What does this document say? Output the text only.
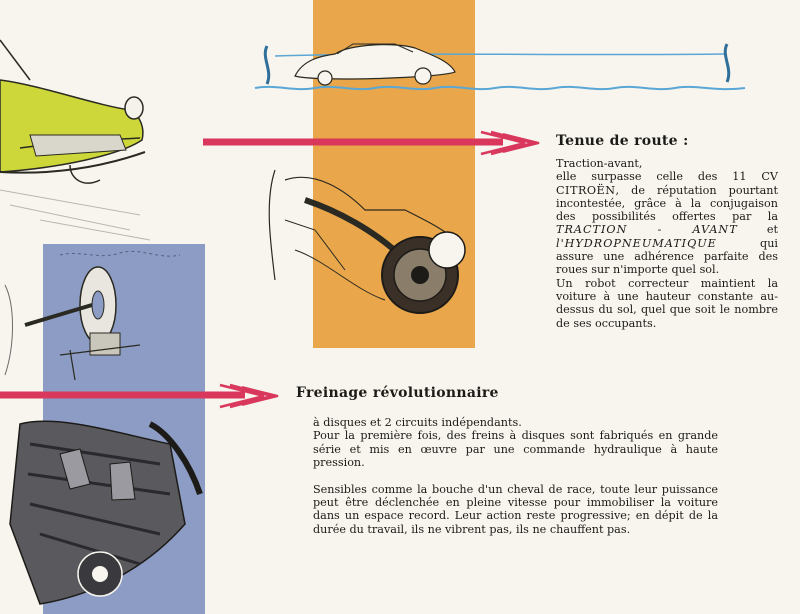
Tenue de route :

Traction-avant,
elle surpasse celle des 11 CV CITROËN, de réputation pourtant incontestée, grâce à la conjugaison des possibilités offertes par la TRACTION - AVANT et l'HYDROPNEUMATIQUE qui assure une adhérence parfaite des roues sur n'importe quel sol.

Un robot correcteur maintient la voiture à une hauteur constante au-dessus du sol, quel que soit le nombre de ses occupants.

Freinage révolutionnaire

à disques et 2 circuits indépendants.

Pour la première fois, des freins à disques sont fabriqués en grande série et mis en œuvre par une commande hydraulique à haute pression.

Sensibles comme la bouche d'un cheval de race, toute leur puissance peut être déclenchée en pleine vitesse pour immobiliser la voiture dans un espace record. Leur action reste progressive; en dépit de la durée du travail, ils ne vibrent pas, ils ne chauffent pas.
